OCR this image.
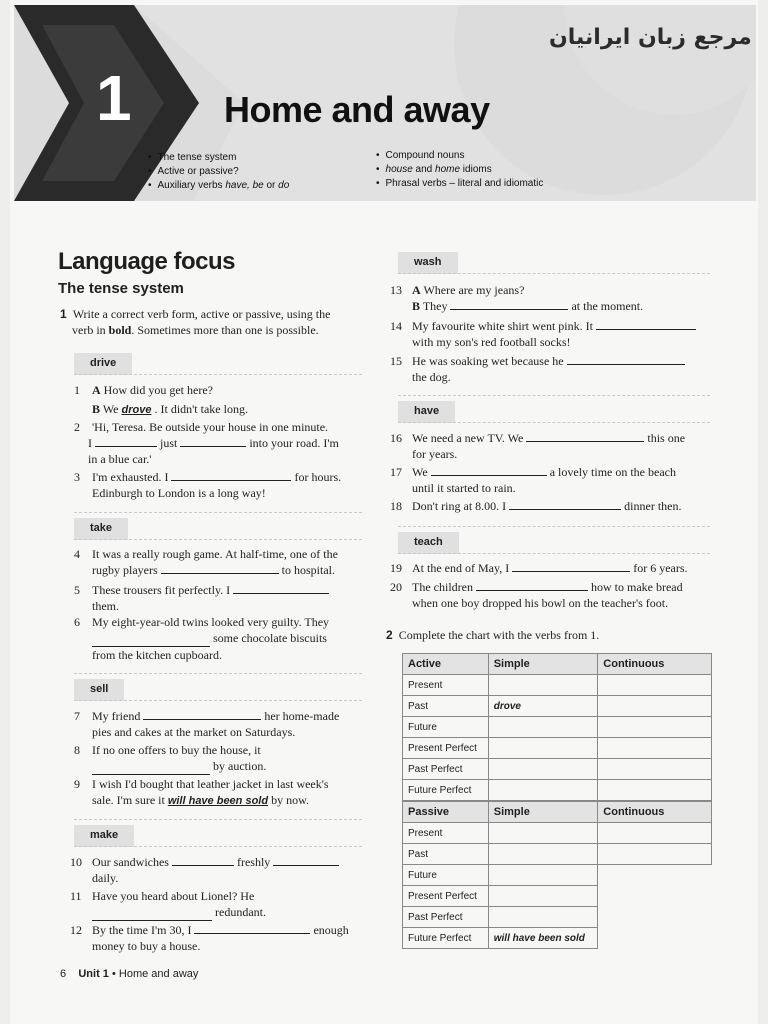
1	Home and away
مرجع زبان ایرانیان
• The tense system
• Active or passive?
• Auxiliary verbs have, be or do
• Compound nouns
• house and home idioms
• Phrasal verbs – literal and idiomatic
Language focus
The tense system
1 Write a correct verb form, active or passive, using the
verb in bold. Sometimes more than one is possible.
drive
1 A How did you get here?
B We drove . It didn't take long.
2 'Hi, Teresa. Be outside your house in one minute.
I	just	into your road. I'm
in a blue car.'
3 I'm exhausted. I	for hours.
Edinburgh to London is a long way!
take
4 It was a really rough game. At half-time, one of the
rugby players	to hospital.
5 These trousers fit perfectly. I
them.
6 My eight-year-old twins looked very guilty. They
some chocolate biscuits
from the kitchen cupboard.
sell
7 My friend	her home-made
pies and cakes at the market on Saturdays.
8 If no one offers to buy the house, it
by auction.
9 I wish I'd bought that leather jacket in last week's
sale. I'm sure it will have been sold by now.
make
10 Our sandwiches	freshly
daily.
11 Have you heard about Lionel? He
redundant.
12 By the time I'm 30, I	enough
money to buy a house.
wash
13 A Where are my jeans?
B They	at the moment.
14 My favourite white shirt went pink. It
with my son's red football socks!
15 He was soaking wet because he
the dog.
have
16 We need a new TV. We	this one
for years.
17 We	a lovely time on the beach
until it started to rain.
18 Don't ring at 8.00. I	dinner then.
teach
19 At the end of May, I	for 6 years.
20 The children	how to make bread
when one boy dropped his bowl on the teacher's foot.
2 Complete the chart with the verbs from 1.
Active	Simple	Continuous
Present		
Past	drove	
Future		
Present Perfect		
Past Perfect		
Future Perfect		
Passive	Simple	Continuous
Present		
Past		
Future		
Present Perfect		
Past Perfect		
Future Perfect	will have been sold	
6 Unit 1 • Home and away
